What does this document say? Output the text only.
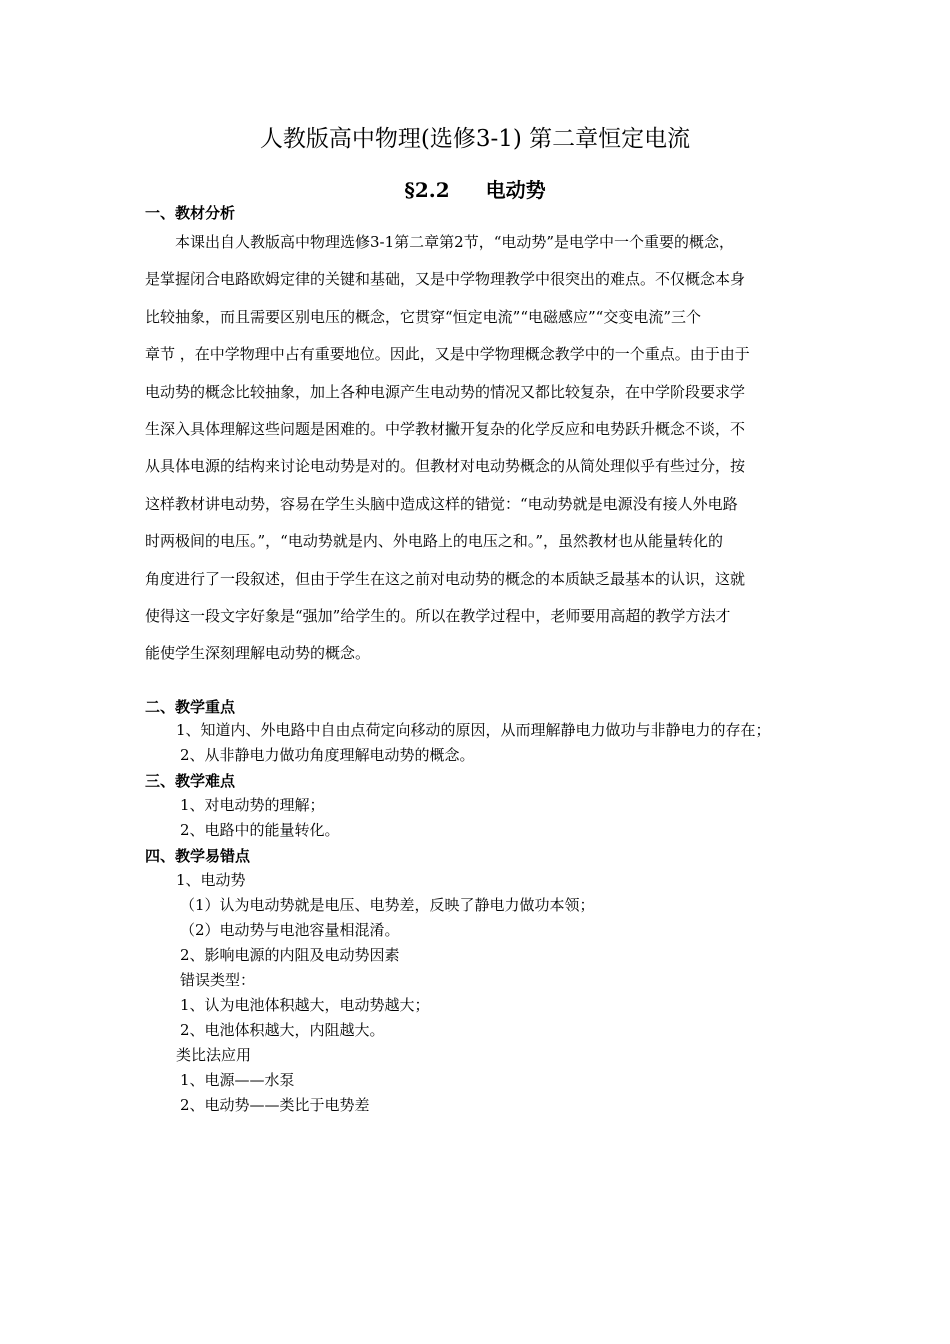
人教版高中物理(选修3-1) 第二章恒定电流
§2.2 电动势
一、教材分析
本课出自人教版高中物理选修3-1第二章第2节，“电动势”是电学中一个重要的概念，
是掌握闭合电路欧姆定律的关键和基础，又是中学物理教学中很突出的难点。不仅概念本身
比较抽象，而且需要区别电压的概念，它贯穿“恒定电流”“电磁感应”“交变电流”三个
章节 ，在中学物理中占有重要地位。因此，又是中学物理概念教学中的一个重点。由于由于
电动势的概念比较抽象，加上各种电源产生电动势的情况又都比较复杂，在中学阶段要求学
生深入具体理解这些问题是困难的。中学教材撇开复杂的化学反应和电势跃升概念不谈，不
从具体电源的结构来讨论电动势是对的。但教材对电动势概念的从简处理似乎有些过分，按
这样教材讲电动势，容易在学生头脑中造成这样的错觉：“电动势就是电源没有接人外电路
时两极间的电压。”，“电动势就是内、外电路上的电压之和。”，虽然教材也从能量转化的
角度进行了一段叙述，但由于学生在这之前对电动势的概念的本质缺乏最基本的认识，这就
使得这一段文字好象是“强加”给学生的。所以在教学过程中，老师要用高超的教学方法才
能使学生深刻理解电动势的概念。
二、教学重点
1、知道内、外电路中自由点荷定向移动的原因，从而理解静电力做功与非静电力的存在；
2、从非静电力做功角度理解电动势的概念。
三、教学难点
1、对电动势的理解；
2、电路中的能量转化。
四、教学易错点
1、电动势
（1）认为电动势就是电压、电势差，反映了静电力做功本领；
（2）电动势与电池容量相混淆。
2、影响电源的内阻及电动势因素
错误类型：
1、认为电池体积越大，电动势越大；
2、电池体积越大，内阻越大。
类比法应用
1、电源——水泵
2、电动势——类比于电势差
